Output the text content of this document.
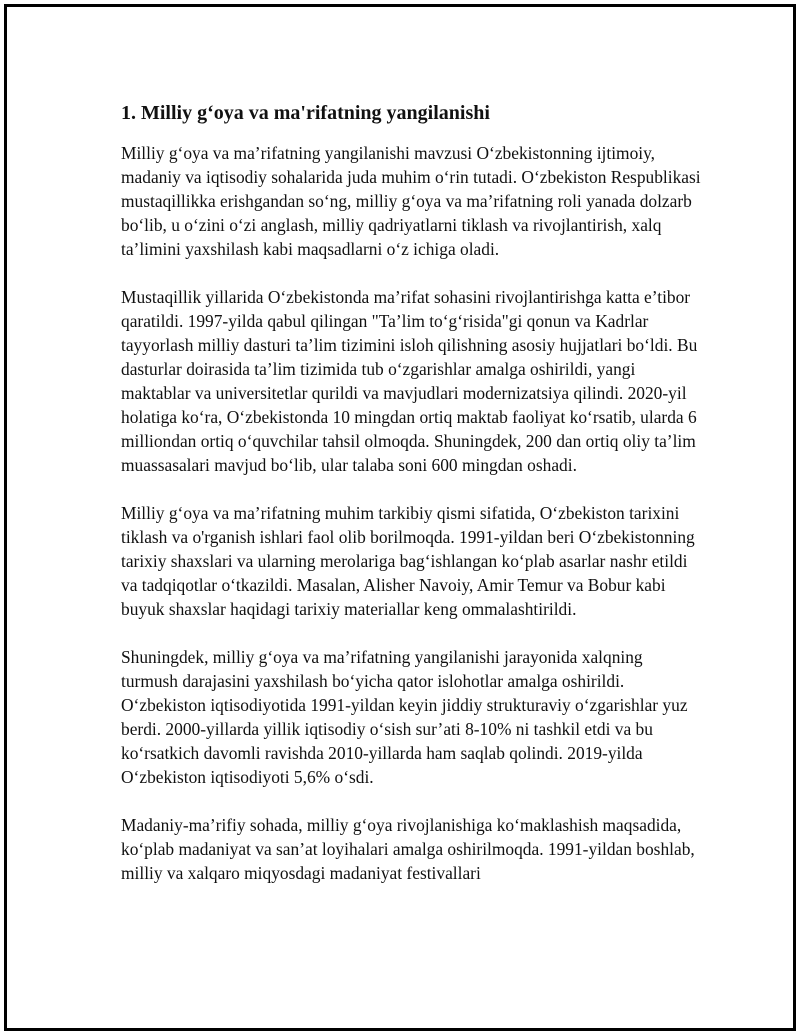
1. Milliy g‘oya va ma'rifatning yangilanishi

Milliy g‘oya va ma’rifatning yangilanishi mavzusi O‘zbekistonning ijtimoiy, madaniy va iqtisodiy sohalarida juda muhim o‘rin tutadi. O‘zbekiston Respublikasi mustaqillikka erishgandan so‘ng, milliy g‘oya va ma’rifatning roli yanada dolzarb bo‘lib, u o‘zini o‘zi anglash, milliy qadriyatlarni tiklash va rivojlantirish, xalq ta’limini yaxshilash kabi maqsadlarni o‘z ichiga oladi.

Mustaqillik yillarida O‘zbekistonda ma’rifat sohasini rivojlantirishga katta e’tibor qaratildi. 1997-yilda qabul qilingan "Ta’lim to‘g‘risida"gi qonun va Kadrlar tayyorlash milliy dasturi ta’lim tizimini isloh qilishning asosiy hujjatlari bo‘ldi. Bu dasturlar doirasida ta’lim tizimida tub o‘zgarishlar amalga oshirildi, yangi maktablar va universitetlar qurildi va mavjudlari modernizatsiya qilindi. 2020-yil holatiga ko‘ra, O‘zbekistonda 10 mingdan ortiq maktab faoliyat ko‘rsatib, ularda 6 milliondan ortiq o‘quvchilar tahsil olmoqda. Shuningdek, 200 dan ortiq oliy ta’lim muassasalari mavjud bo‘lib, ular talaba soni 600 mingdan oshadi.

Milliy g‘oya va ma’rifatning muhim tarkibiy qismi sifatida, O‘zbekiston tarixini tiklash va o'rganish ishlari faol olib borilmoqda. 1991-yildan beri O‘zbekistonning tarixiy shaxslari va ularning merolariga bag‘ishlangan ko‘plab asarlar nashr etildi va tadqiqotlar o‘tkazildi. Masalan, Alisher Navoiy, Amir Temur va Bobur kabi buyuk shaxslar haqidagi tarixiy materiallar keng ommalashtirildi.

Shuningdek, milliy g‘oya va ma’rifatning yangilanishi jarayonida xalqning turmush darajasini yaxshilash bo‘yicha qator islohotlar amalga oshirildi. O‘zbekiston iqtisodiyotida 1991-yildan keyin jiddiy strukturaviy o‘zgarishlar yuz berdi. 2000-yillarda yillik iqtisodiy o‘sish sur’ati 8-10% ni tashkil etdi va bu ko‘rsatkich davomli ravishda 2010-yillarda ham saqlab qolindi. 2019-yilda O‘zbekiston iqtisodiyoti 5,6% o‘sdi.

Madaniy-ma’rifiy sohada, milliy g‘oya rivojlanishiga ko‘maklashish maqsadida, ko‘plab madaniyat va san’at loyihalari amalga oshirilmoqda. 1991-yildan boshlab, milliy va xalqaro miqyosdagi madaniyat festivallari
